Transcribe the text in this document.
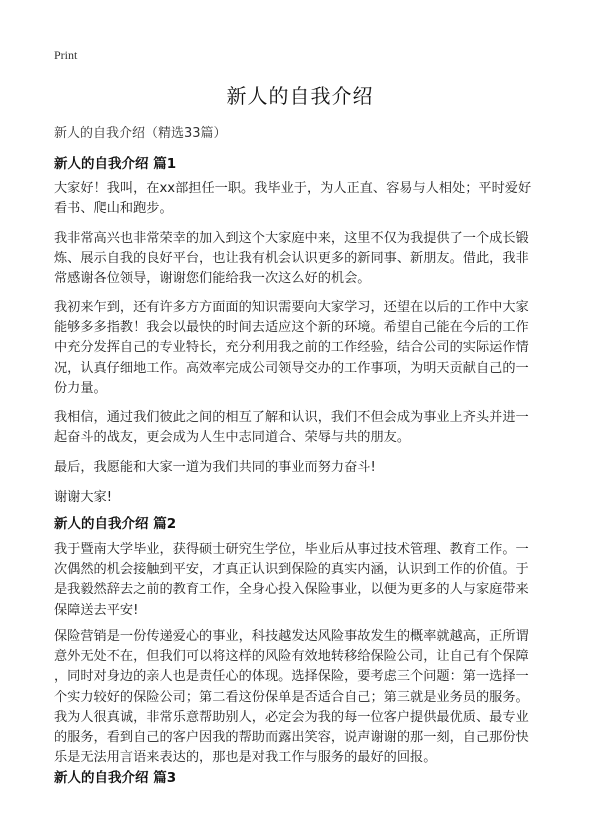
Print
新人的自我介绍
新人的自我介绍（精选33篇）
新人的自我介绍 篇1
大家好！我叫，在xx部担任一职。我毕业于，为人正直、容易与人相处；平时爱好
看书、爬山和跑步。
我非常高兴也非常荣幸的加入到这个大家庭中来，这里不仅为我提供了一个成长锻
炼、展示自我的良好平台，也让我有机会认识更多的新同事、新朋友。借此，我非
常感谢各位领导，谢谢您们能给我一次这么好的机会。
我初来乍到，还有许多方方面面的知识需要向大家学习，还望在以后的工作中大家
能够多多指教！我会以最快的时间去适应这个新的环境。希望自己能在今后的工作
中充分发挥自己的专业特长，充分利用我之前的工作经验，结合公司的实际运作情
况，认真仔细地工作。高效率完成公司领导交办的工作事项，为明天贡献自己的一
份力量。
我相信，通过我们彼此之间的相互了解和认识，我们不但会成为事业上齐头并进一
起奋斗的战友，更会成为人生中志同道合、荣辱与共的朋友。
最后，我愿能和大家一道为我们共同的事业而努力奋斗!
谢谢大家!
新人的自我介绍 篇2
我于暨南大学毕业，获得硕士研究生学位，毕业后从事过技术管理、教育工作。一
次偶然的机会接触到平安，才真正认识到保险的真实内涵，认识到工作的价值。于
是我毅然辞去之前的教育工作，全身心投入保险事业，以便为更多的人与家庭带来
保障送去平安!
保险营销是一份传递爱心的事业，科技越发达风险事故发生的概率就越高，正所谓
意外无处不在，但我们可以将这样的风险有效地转移给保险公司，让自己有个保障
，同时对身边的亲人也是责任心的体现。选择保险，要考虑三个问题：第一选择一
个实力较好的保险公司；第二看这份保单是否适合自己；第三就是业务员的服务。
我为人很真诚，非常乐意帮助别人，必定会为我的每一位客户提供最优质、最专业
的服务，看到自己的客户因我的帮助而露出笑容，说声谢谢的那一刻，自己那份快
乐是无法用言语来表达的，那也是对我工作与服务的最好的回报。
新人的自我介绍 篇3
